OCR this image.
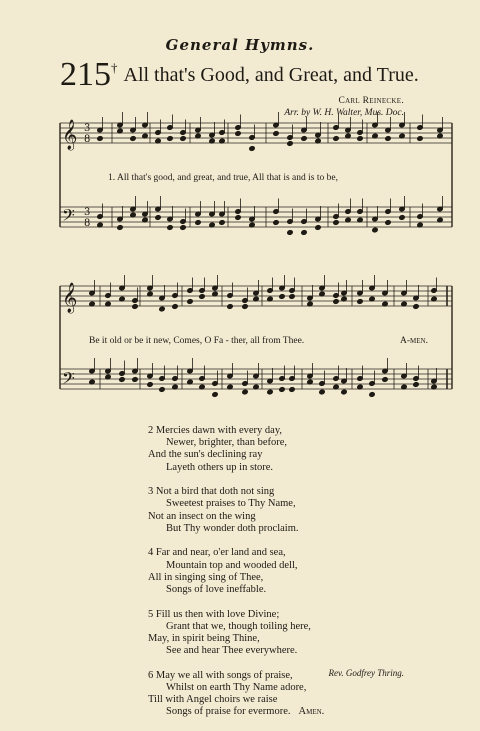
General Hymns.
215† All that's Good, and Great, and True.
Carl Reinecke.
Arr. by W. H. Walter, Mus. Doc.
𝄞
𝄢
𝄞
𝄢
3
8
3
8
1. All that's good, and great, and true, All that is and is to be,
Be it old or be it new, Comes, O Fa - ther, all from Thee.	A-men.
2 Mercies dawn with every day,
Newer, brighter, than before,
And the sun's declining ray
Layeth others up in store.
3 Not a bird that doth not sing
Sweetest praises to Thy Name,
Not an insect on the wing
But Thy wonder doth proclaim.
4 Far and near, o'er land and sea,
Mountain top and wooded dell,
All in singing sing of Thee,
Songs of love ineffable.
5 Fill us then with love Divine;
Grant that we, though toiling here,
May, in spirit being Thine,
See and hear Thee everywhere.
6 May we all with songs of praise,
Whilst on earth Thy Name adore,
Till with Angel choirs we raise
Songs of praise for evermore. Amen.
Rev. Godfrey Thring.
